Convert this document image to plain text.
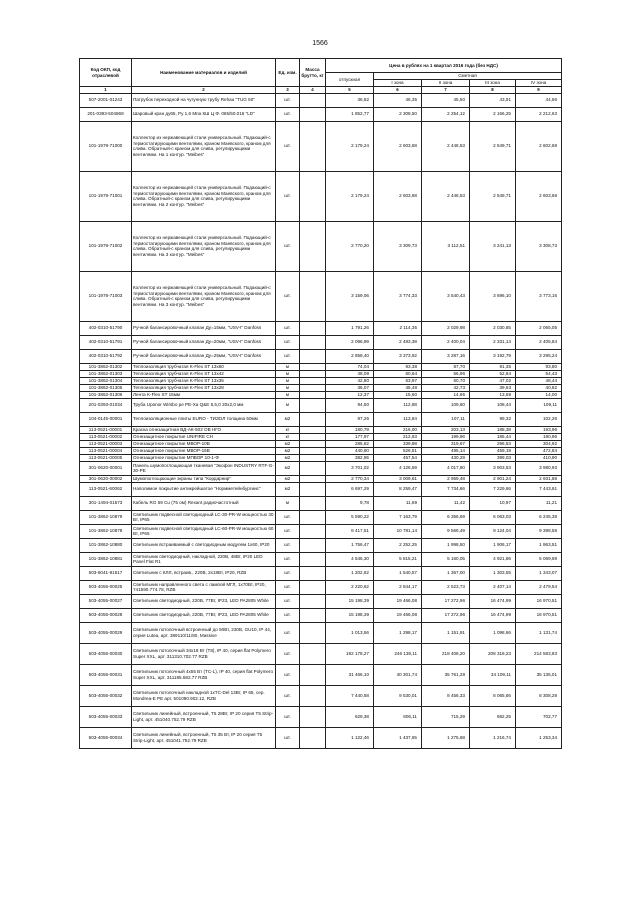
1566
Код ОКП, код отраслевой	Наименование материалов и изделий	Ед. изм.	Масса брутто, кг	Цена в рублях на 1 квартал 2016 года (без НДС)				
				отпускная	Сметная			
					I зона	II зона	III зона	IV зона
1	2	3	4	5	6	7	8	9
507-2001-01243	Патрубок переходной на чугунную трубу Rehau "TUG 50"	шт.		36,82	46,35	45,50	43,91	44,56
201-0393-504869	Шаровый кран ду65, Ру 1,6 Мпа КШ Ц Ф. 065/50.016 "LD"	шт.		1 852,77	2 308,50	2 254,12	2 166,25	2 212,63
101-1978-71000	Коллектор из нержавеющей стали универсальный. Подающий-с термостатирующими вентилями, краном Маевского, краном для слива. Обратный-с краном для слива, регулирующими вентилями. На 1 контур. "Meibes"	шт.		2 179,24	2 603,68	2 448,53	2 549,71	2 602,68
101-1978-71001	Коллектор из нержавеющей стали универсальный. Подающий-с термостатирующими вентилями, краном Маевского, краном для слива. Обратный-с краном для слива, регулирующими вентилями. На 2 контур. "Meibes"	шт.		2 179,24	2 603,68	2 448,53	2 549,71	2 603,68
101-1978-71002	Коллектор из нержавеющей стали универсальный. Подающий-с термостатирующими вентилями, краном Маевского, краном для слива. Обратный-с краном для слива, регулирующими вентилями. На 3 контур. "Meibes"	шт.		2 770,20	3 309,73	3 112,51	3 241,13	3 308,73
101-1978-71003	Коллектор из нержавеющей стали универсальный. Подающий-с термостатирующими вентилями, краном Маевского, краном для слива. Обратный-с краном для слива, регулирующими вентилями. На 3 контур. "Meibes"	шт.		3 159,06	3 774,33	3 540,43	3 696,10	3 773,16
402-0310-51790	Ручной балансировочный клапан Ду=15мм, "USV-I" Danfoss	шт.		1 791,26	2 114,35	2 029,98	2 030,85	2 065,05
402-0310-51791	Ручной балансировочный клапан Ду=20мм, "USV-I" Danfoss	шт.		2 096,99	2 483,38	2 400,04	2 331,14	2 405,84
402-0310-51792	Ручной балансировочный клапан Ду=25мм, "USV-I" Danfoss	шт.		2 858,40	3 373,92	3 287,16	3 192,79	3 295,24
101-3862-01302	Теплоизоляция трубчатая K-Flex ST 13x60	м		74,04	93,38	87,70	91,35	93,80
101-3862-01303	Теплоизоляция трубчатая K-Flex ST 13x42	м		48,09	60,64	56,96	52,84	54,43
101-3862-01304	Теплоизоляция трубчатая K-Flex ST 13x35	м		42,80	53,97	50,70	47,02	48,44
101-3862-01305	Теплоизоляция трубчатая K-Flex ST 13x28	м		36,07	45,48	42,73	39,63	40,82
101-3862-01306	Лента K-Flex ST 15мм	м		12,37	15,60	14,65	13,59	14,00
201-0393-01034	Труба Uponor Wirsbo pe PE-Xa Q&E 5,5,0 20x2,0 мм	м		94,50	112,88	109,60	108,44	109,11
104-0145-00001	Теплоизоляционные плиты EURO - ТИЗОЛ толщина 50мм	м2		97,26	113,84	107,11	99,32	102,26
113-0521-00001	Краска огнезащитная ВД-АК-502 ОВ НГО	кг		180,79	216,00	203,13	188,38	193,96
113-0521-00002	Огнезащитное покрытие UNIFIRE СН	кг		177,97	212,63	199,96	185,44	190,96
113-0521-00003	Огнезащитное покрытие МВОР-10В	м2		285,62	339,88	319,67	296,53	304,92
113-0521-00004	Огнезащитное покрытие МВОР-16В	м2		440,60	526,51	495,14	459,19	472,84
113-0521-00005	Огнезащитное покрытие МПВОР 10-1-Ф	м2		382,95	457,54	430,29	399,03	410,90
301-0620-00001	Панель шумопоглощающая тканевая "Экофон INDUSTRY RTF-G-30-PE	м2		3 701,02	4 126,59	4 017,80	3 903,53	3 980,93
301-0620-00002	Шумопоглощающие экраны типа "Кордарнир"	м2		2 770,34	3 009,61	2 959,48	2 901,24	2 931,88
113-0521-60062	Наполимое покрытие антикрейшатое "Нормметейнбургиис"	м2		6 697,29	8 259,47	7 734,66	7 229,66	7 443,61
301-1494-01573	Кабель RG 59 Cu (75 ом) Rexant радиочастотный	м		9,78	11,69	11,42	10,97	11,21
101-3862-10879	Светильник подвесной светодиодный LC-30-PR-W мощностью 30 Вт, IP65	шт.		5 590,22	7 163,79	6 356,69	6 063,03	6 245,38
101-3862-10878	Светильник подвесной светодиодный LC-60-PR-W мощностью 60 Вт, IP65	шт.		8 417,51	10 781,14	9 566,49	9 124,04	9 398,58
101-3862-10880	Светильник встраиваемый с светодиодным модулем 1х60, IP20	шт.		1 756,47	2 252,25	1 998,50	1 906,17	1 963,51
101-3862-10881	Светильник светодиодный, накладной, 220В, 48Вт, IP20 LED Panel Flat R1	шт.		4 545,30	5 815,21	5 160,05	4 921,86	5 069,69
503-6041-91517	Светильник с КЛЛ, встраив., 220В, 2х18Вт, IP20, RZB	шт.		1 202,62	1 540,57	1 367,00	1 303,55	1 343,07
503-4055-00025	Светильник направленного света с лампой МГЛ, 1х70Вт, IP20, 741590.774.78, RZB	шт.		2 220,62	2 844,17	2 523,73	2 407,14	2 479,54
503-4055-00027	Светильник светодиодный, 220В, 77Вт, IP23, LED PA2805 White	шт.		15 198,39	19 466,08	17 272,96	16 474,99	16 970,51
503-4055-00028	Светильник светодиодный, 220В, 77Вт, IP23, LED PA2805 White	шт.		15 198,39	19 466,08	17 272,96	16 474,99	16 970,51
503-4055-00029	Светильник потолочный встроенный до 50Вт, 230В, GU10, IP 44, серия Lutea, арт. 389110/11/80, Massive	шт.		1 013,56	1 298,17	1 151,91	1 098,66	1 131,74
503-4055-00030	Светильник потолочный 34х18 Вт (Т8), IP 40, серия flat Polymero Super XXL, арт. 311310.702.77 RZB	шт.		192 178,27	246 139,11	218 408,20	208 318,23	214 583,83
503-4055-00031	Светильник потолочный 4х55 Вт (TC-L), IP 40, серия flat Polymero Super XXL, арт. 311185.582.77 RZB	шт.		31 466,10	40 301,74	35 761,28	34 109,11	35 135,01
503-4055-00032	Светильник потолочный накладной 1хTC-Del 13Вт, IP 65, сер. Mondrea-E PE арт. 501090.902.12, RZB	шт.		7 440,58	9 530,01	8 456,33	8 065,66	8 308,28
503-4055-00033	Светильник линейный, встроенный, Т5 28Вт, IP 20 серия Т5 Strip-Light, арт. 451040.752.79 RZB	шт.		629,38	806,11	715,29	682,25	702,77
503-4055-00034	Светильник линейный, встроенный, Т5 35 Вт, IP 20 серия Т5 Strip-Light, арт. 451041.752.79 RZB	шт.		1 122,46	1 437,65	1 275,68	1 216,74	1 253,34
